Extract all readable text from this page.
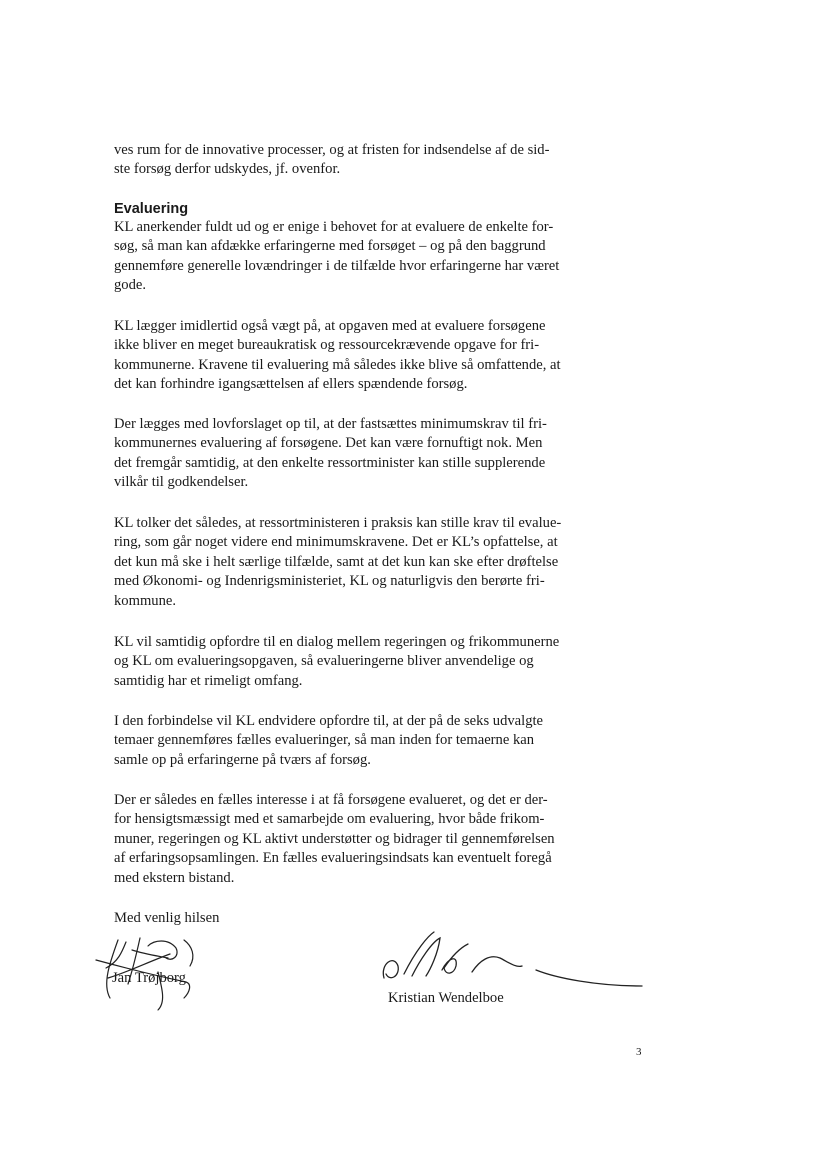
ves rum for de innovative processer, og at fristen for indsendelse af de sid-
ste forsøg derfor udskydes, jf. ovenfor.
Evaluering
KL anerkender fuldt ud og er enige i behovet for at evaluere de enkelte for-
søg, så man kan afdække erfaringerne med forsøget – og på den baggrund
gennemføre generelle lovændringer i de tilfælde hvor erfaringerne har været
gode.
KL lægger imidlertid også vægt på, at opgaven med at evaluere forsøgene
ikke bliver en meget bureaukratisk og ressourcekrævende opgave for fri-
kommunerne. Kravene til evaluering må således ikke blive så omfattende, at
det kan forhindre igangsættelsen af ellers spændende forsøg.
Der lægges med lovforslaget op til, at der fastsættes minimumskrav til fri-
kommunernes evaluering af forsøgene. Det kan være fornuftigt nok. Men
det fremgår samtidig, at den enkelte ressortminister kan stille supplerende
vilkår til godkendelser.
KL tolker det således, at ressortministeren i praksis kan stille krav til evalue-
ring, som går noget videre end minimumskravene. Det er KL’s opfattelse, at
det kun må ske i helt særlige tilfælde, samt at det kun kan ske efter drøftelse
med Økonomi- og Indenrigsministeriet, KL og naturligvis den berørte fri-
kommune.
KL vil samtidig opfordre til en dialog mellem regeringen og frikommunerne
og KL om evalueringsopgaven, så evalueringerne bliver anvendelige og
samtidig har et rimeligt omfang.
I den forbindelse vil KL endvidere opfordre til, at der på de seks udvalgte
temaer gennemføres fælles evalueringer, så man inden for temaerne kan
samle op på erfaringerne på tværs af forsøg.
Der er således en fælles interesse i at få forsøgene evalueret, og det er der-
for hensigtsmæssigt med et samarbejde om evaluering, hvor både frikom-
muner, regeringen og KL aktivt understøtter og bidrager til gennemførelsen
af erfaringsopsamlingen. En fælles evalueringsindsats kan eventuelt foregå
med ekstern bistand.
Med venlig hilsen
Jan Trøjborg
Kristian Wendelboe
3
